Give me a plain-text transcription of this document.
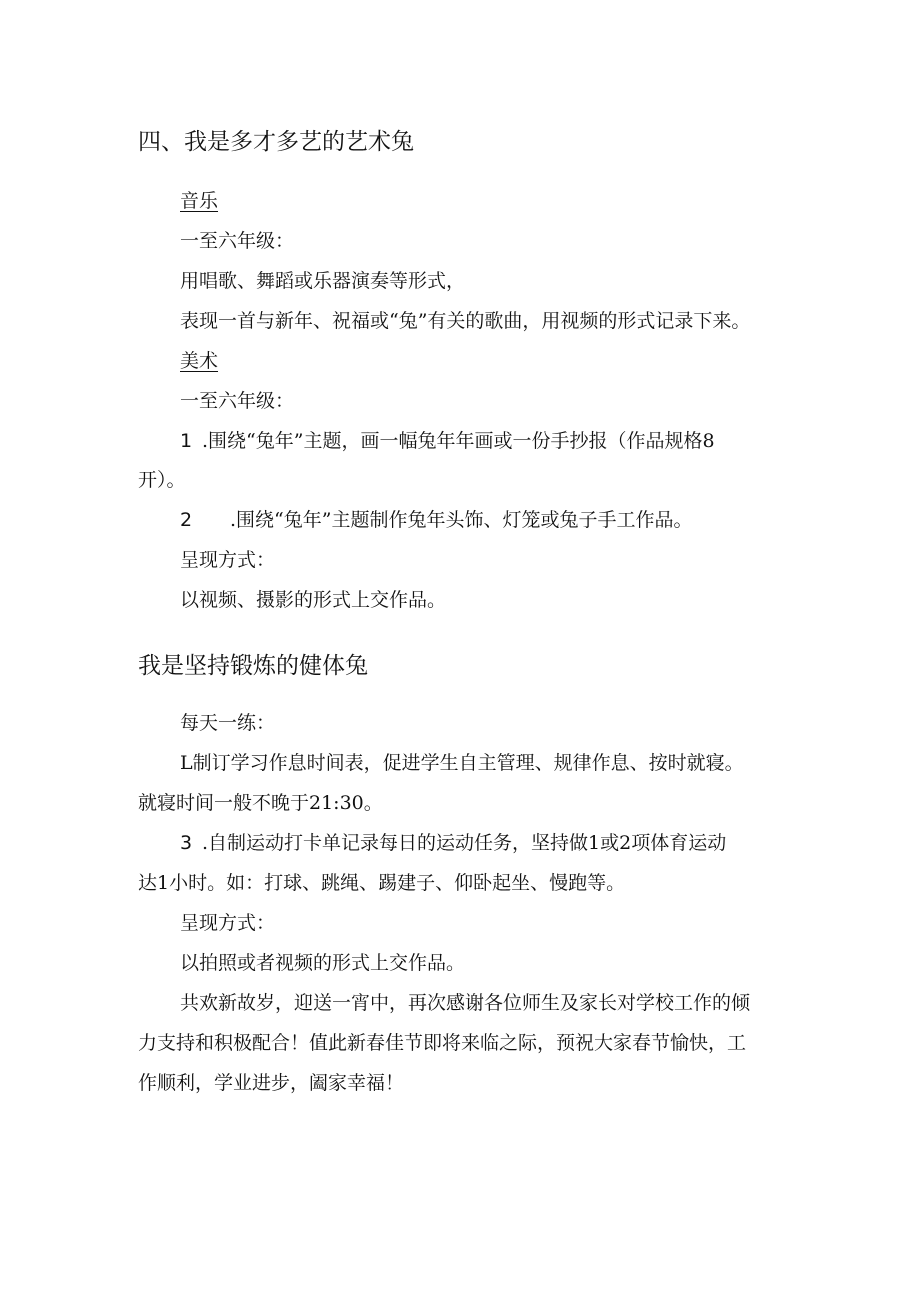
四、我是多才多艺的艺术兔
音乐
一至六年级：
用唱歌、舞蹈或乐器演奏等形式，
表现一首与新年、祝福或“兔”有关的歌曲，用视频的形式记录下来。
美术
一至六年级：
1 .围绕“兔年”主题，画一幅兔年年画或一份手抄报（作品规格8
开）。
2 .围绕“兔年”主题制作兔年头饰、灯笼或兔子手工作品。
呈现方式：
以视频、摄影的形式上交作品。
我是坚持锻炼的健体兔
每天一练：
L制订学习作息时间表，促进学生自主管理、规律作息、按时就寝。
就寝时间一般不晚于21:30。
3 .自制运动打卡单记录每日的运动任务，坚持做1或2项体育运动
达1小时。如：打球、跳绳、踢建子、仰卧起坐、慢跑等。
呈现方式：
以拍照或者视频的形式上交作品。
共欢新故岁，迎送一宵中，再次感谢各位师生及家长对学校工作的倾
力支持和积极配合！值此新春佳节即将来临之际，预祝大家春节愉快，工
作顺利，学业进步，阖家幸福！
